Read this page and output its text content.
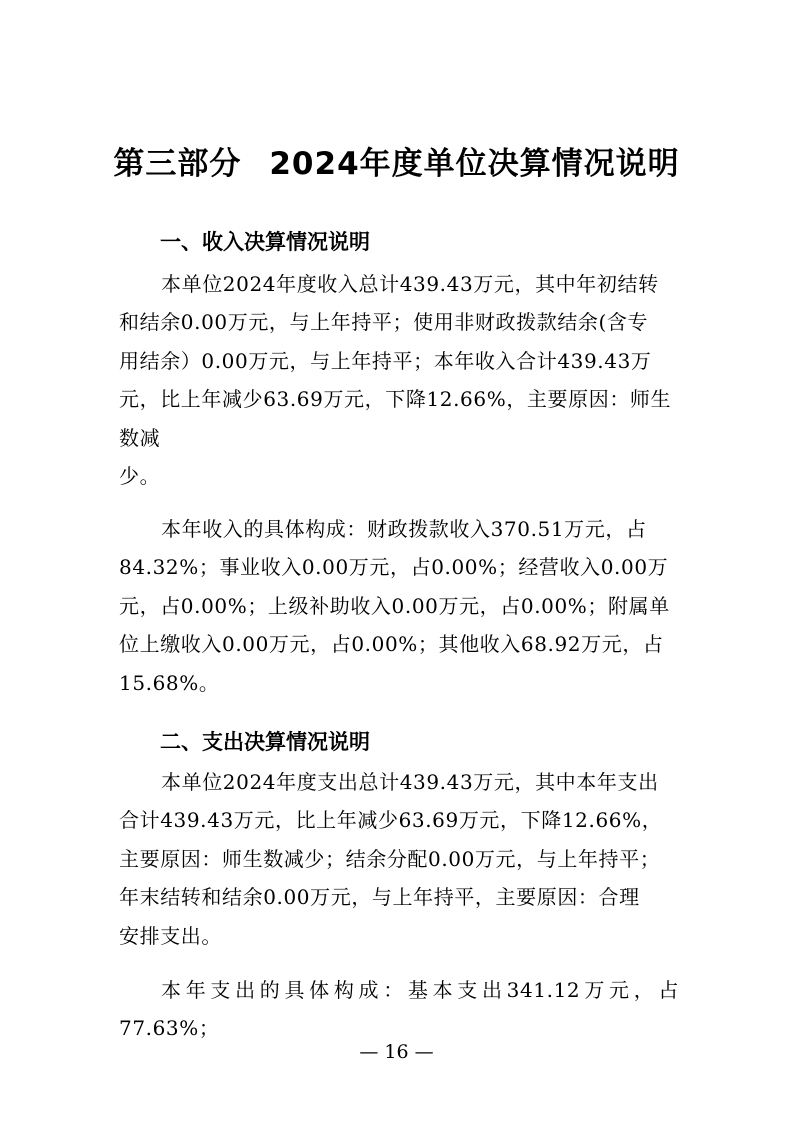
第三部分 2024年度单位决算情况说明
一、收入决算情况说明

本单位2024年度收入总计439.43万元，其中年初结转
和结余0.00万元，与上年持平；使用非财政拨款结余(含专
用结余）0.00万元，与上年持平；本年收入合计439.43万
元，比上年减少63.69万元，下降12.66%，主要原因：师生
数减
少。

本年收入的具体构成：财政拨款收入370.51万元，占
84.32%；事业收入0.00万元，占0.00%；经营收入0.00万
元，占0.00%；上级补助收入0.00万元，占0.00%；附属单
位上缴收入0.00万元，占0.00%；其他收入68.92万元，占
15.68%。

二、支出决算情况说明

本单位2024年度支出总计439.43万元，其中本年支出
合计439.43万元，比上年减少63.69万元，下降12.66%，
主要原因：师生数减少；结余分配0.00万元，与上年持平；
年末结转和结余0.00万元，与上年持平，主要原因：合理
安排支出。

本年支出的具体构成：基本支出341.12万元，占77.63%；

— 16 —
